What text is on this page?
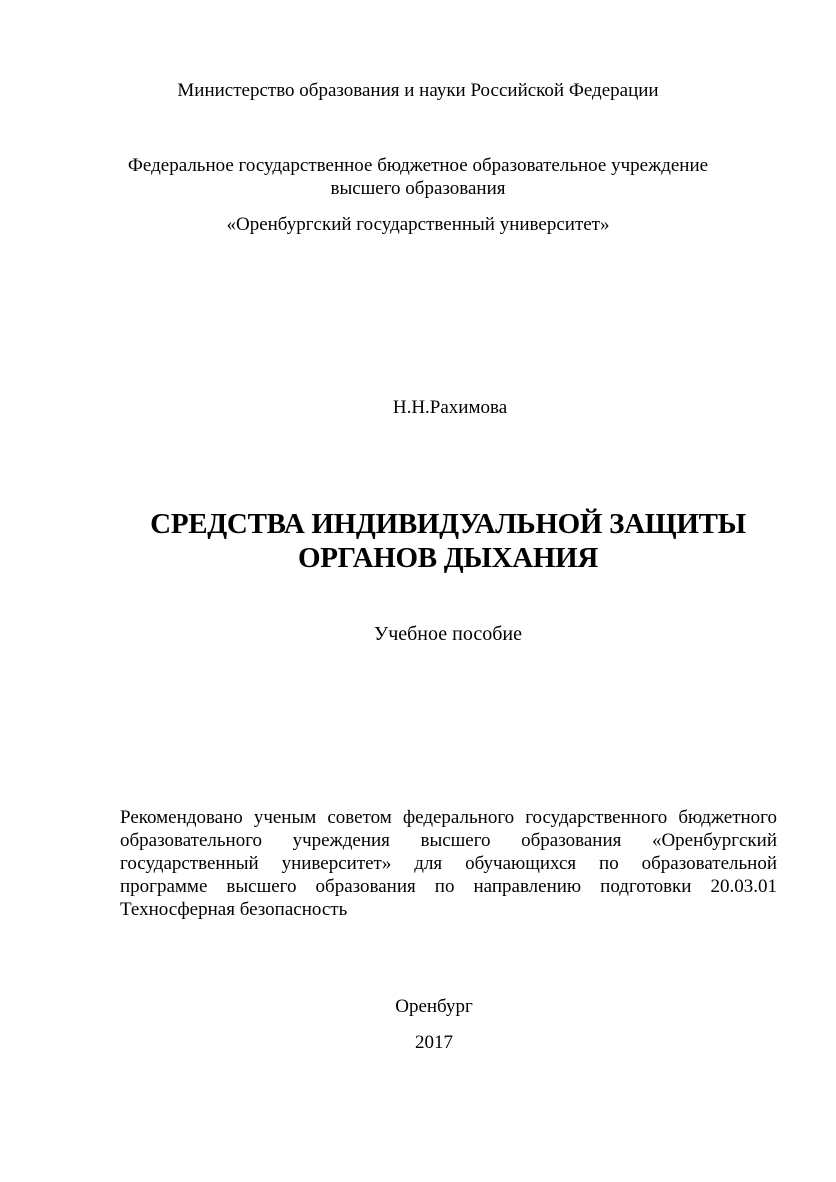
Министерство образования и науки Российской Федерации
Федеральное государственное бюджетное образовательное учреждение
высшего образования
«Оренбургский государственный университет»
Н.Н.Рахимова
СРЕДСТВА ИНДИВИДУАЛЬНОЙ ЗАЩИТЫ
ОРГАНОВ ДЫХАНИЯ
Учебное пособие
Рекомендовано ученым советом федерального государственного бюджетного
образовательного учреждения высшего образования «Оренбургский
государственный университет» для обучающихся по образовательной
программе высшего образования по направлению подготовки 20.03.01
Техносферная безопасность
Оренбург
2017
